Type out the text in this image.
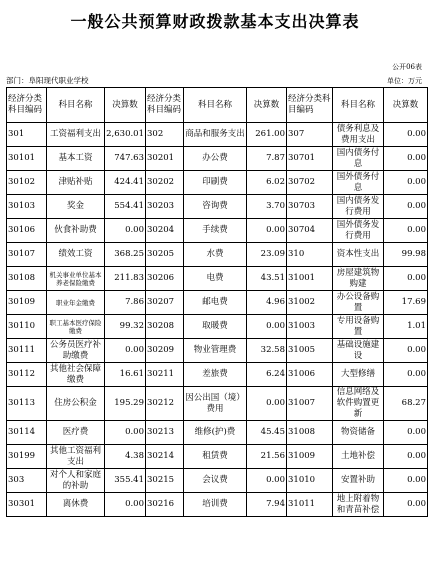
一般公共预算财政拨款基本支出决算表
公开06表
部门：阜阳现代职业学校	单位：万元
经济分类科目编码	科目名称	决算数	经济分类科目编码	科目名称	决算数	经济分类科目编码	科目名称	决算数
301	工资福利支出	2,630.01	302	商品和服务支出	261.00	307	债务利息及费用支出	0.00
30101	基本工资	747.63	30201	办公费	7.87	30701	国内债务付息	0.00
30102	津贴补贴	424.41	30202	印刷费	6.02	30702	国外债务付息	0.00
30103	奖金	554.41	30203	咨询费	3.70	30703	国内债务发行费用	0.00
30106	伙食补助费	0.00	30204	手续费	0.00	30704	国外债务发行费用	0.00
30107	绩效工资	368.25	30205	水费	23.09	310	资本性支出	99.98
30108	机关事业单位基本养老保险缴费	211.83	30206	电费	43.51	31001	房屋建筑物购建	0.00
30109	职业年金缴费	7.86	30207	邮电费	4.96	31002	办公设备购置	17.69
30110	职工基本医疗保险缴费	99.32	30208	取暖费	0.00	31003	专用设备购置	1.01
30111	公务员医疗补助缴费	0.00	30209	物业管理费	32.58	31005	基础设施建设	0.00
30112	其他社会保障缴费	16.61	30211	差旅费	6.24	31006	大型修缮	0.00
30113	住房公积金	195.29	30212	因公出国（境）费用	0.00	31007	信息网络及软件购置更新	68.27
30114	医疗费	0.00	30213	维修(护)费	45.45	31008	物资储备	0.00
30199	其他工资福利支出	4.38	30214	租赁费	21.56	31009	土地补偿	0.00
303	对个人和家庭的补助	355.41	30215	会议费	0.00	31010	安置补助	0.00
30301	离休费	0.00	30216	培训费	7.94	31011	地上附着物和青苗补偿	0.00
